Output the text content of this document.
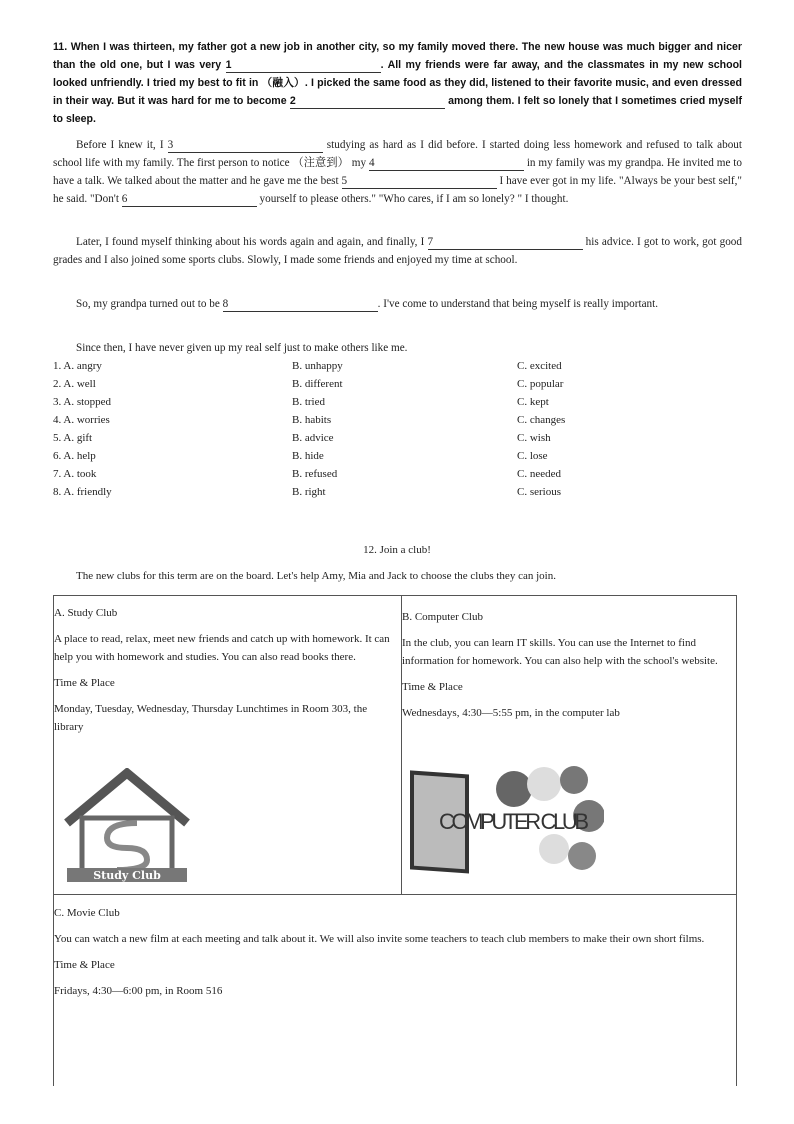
11. When I was thirteen, my father got a new job in another city, so my family moved there. The new house was much bigger and nicer than the old one, but I was very 1	. All my friends were far away, and the classmates in my new school looked unfriendly. I tried my best to fit in （融入）. I picked the same food as they did, listened to their favorite music, and even dressed in their way. But it was hard for me to become 2	among them. I felt so lonely that I sometimes cried myself to sleep.
Before I knew it, I 3	studying as hard as I did before. I started doing less homework and refused to talk about school life with my family. The first person to notice （注意到） my 4	in my family was my grandpa. He invited me to have a talk. We talked about the matter and he gave me the best 5	I have ever got in my life. "Always be your best self," he said. "Don't 6	yourself to please others." "Who cares, if I am so lonely? " I thought.
Later, I found myself thinking about his words again and again, and finally, I 7	his advice. I got to work, got good grades and I also joined some sports clubs. Slowly, I made some friends and enjoyed my time at school.
So, my grandpa turned out to be 8	. I've come to understand that being myself is really important.
Since then, I have never given up my real self just to make others like me.
1. A. angry	B. unhappy	C. excited
2. A. well	B. different	C. popular
3. A. stopped	B. tried	C. kept
4. A. worries	B. habits	C. changes
5. A. gift	B. advice	C. wish
6. A. help	B. hide	C. lose
7. A. took	B. refused	C. needed
8. A. friendly	B. right	C. serious
12. Join a club!
The new clubs for this term are on the board. Let's help Amy, Mia and Jack to choose the clubs they can join.
A. Study Club
A place to read, relax, meet new friends and catch up with homework. It can help you with homework and studies. You can also read books there.
Time & Place
Monday, Tuesday, Wednesday, Thursday Lunchtimes in Room 303, the library
Study Club
B. Computer Club
In the club, you can learn IT skills. You can use the Internet to find information for homework. You can also help with the school's website.
Time & Place
Wednesdays, 4:30—5:55 pm, in the computer lab
COMPUTER CLUB
C. Movie Club
You can watch a new film at each meeting and talk about it. We will also invite some teachers to teach club members to make their own short films.
Time & Place
Fridays, 4:30—6:00 pm, in Room 516
